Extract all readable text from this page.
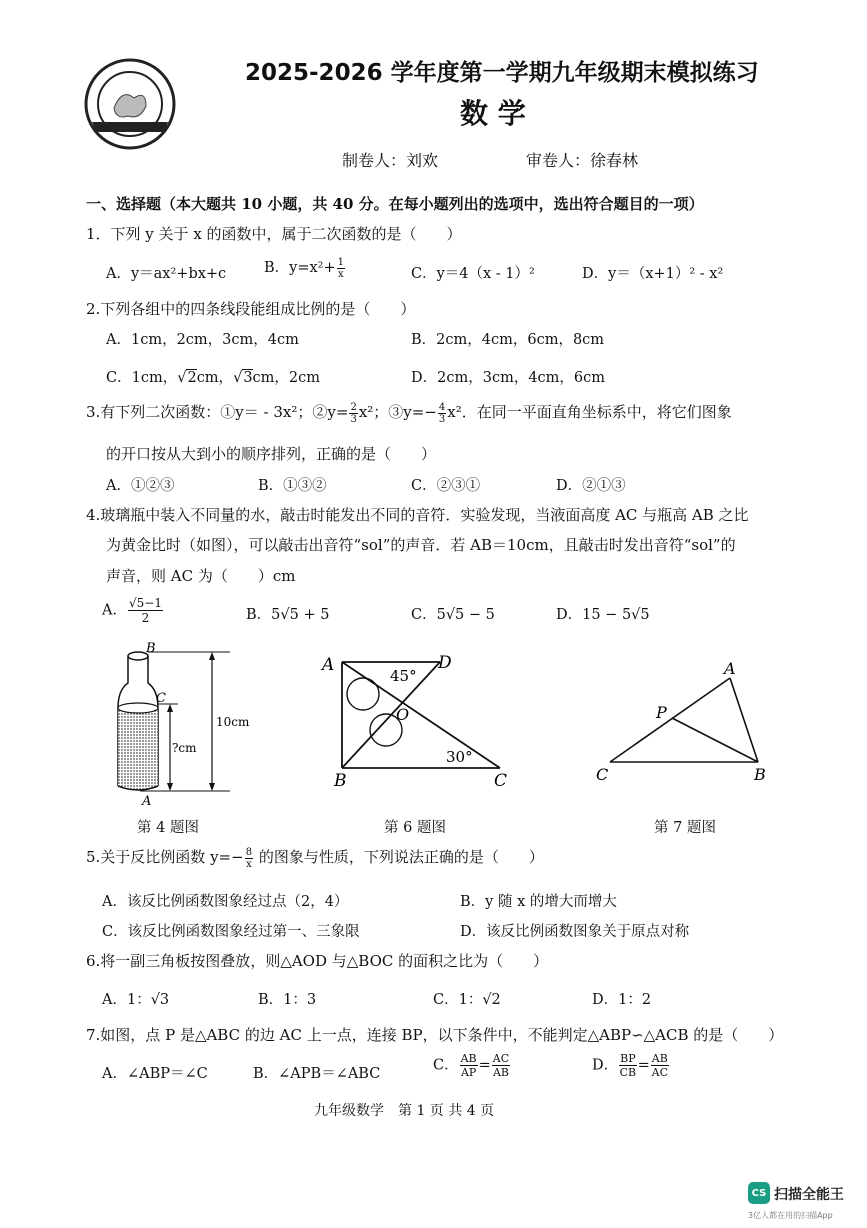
2025-2026 学年度第一学期九年级期末模拟练习
数 学
制卷人：刘欢	审卷人：徐春林
一、选择题（本大题共 10 小题，共 40 分。在每小题列出的选项中，选出符合题目的一项）
1．下列 y 关于 x 的函数中，属于二次函数的是（　　）
A．y＝ax²+bx+c	B．$y=x^2+ \frac{1}{x}$	C．y＝4（x - 1）²	D．y＝（x+1）² - x²
2.下列各组中的四条线段能组成比例的是（　　）
A．1cm，2cm，3cm，4cm	B．2cm，4cm，6cm，8cm
C．1cm，√2cm，√3cm，2cm	D．2cm，3cm，4cm，6cm
3.有下列二次函数：①y＝ - 3x²；②y= $\frac{2}{3} x^2$；③y=− $\frac{4}{3} x^2$．在同一平面直角坐标系中，将它们图象
的开口按从大到小的顺序排列，正确的是（　　）
A．①②③	B．①③②	C．②③①	D．②①③
4.玻璃瓶中装入不同量的水，敲击时能发出不同的音符．实验发现，当液面高度 AC 与瓶高 AB 之比
为黄金比时（如图），可以敲击出音符“sol”的声音．若 AB＝10cm，且敲击时发出音符“sol”的
声音，则 AC 为（　　）cm
A． $\frac{√5-1}{2}$	B．5√5 + 5	C．5√5 − 5	D．15 − 5√5
B
C
A
10cm
?cm
第 4 题图
A	D
B	C
O
45°
30°
第 6 题图
A
P
C	B
第 7 题图
5.关于反比例函数 $y=- \frac{8}{x}$ 的图象与性质，下列说法正确的是（　　）
A．该反比例函数图象经过点（2，4）	B．y 随 x 的增大而增大
C．该反比例函数图象经过第一、三象限	D．该反比例函数图象关于原点对称
6.将一副三角板按图叠放，则△AOD 与△BOC 的面积之比为（　　）
A．1：√3	B．1：3	C．1：√2	D．1：2
7.如图，点 P 是△ABC 的边 AC 上一点，连接 BP，以下条件中，不能判定△ABP∽△ACB 的是（　　）
A．∠ABP＝∠C	B．∠APB＝∠ABC
C． $\frac{AB}{AP} = \frac{AC}{AB}$	D． $\frac{BP}{CB} = \frac{AB}{AC}$
九年级数学　第 1 页 共 4 页
CS 扫描全能王
3亿人都在用的扫描App
